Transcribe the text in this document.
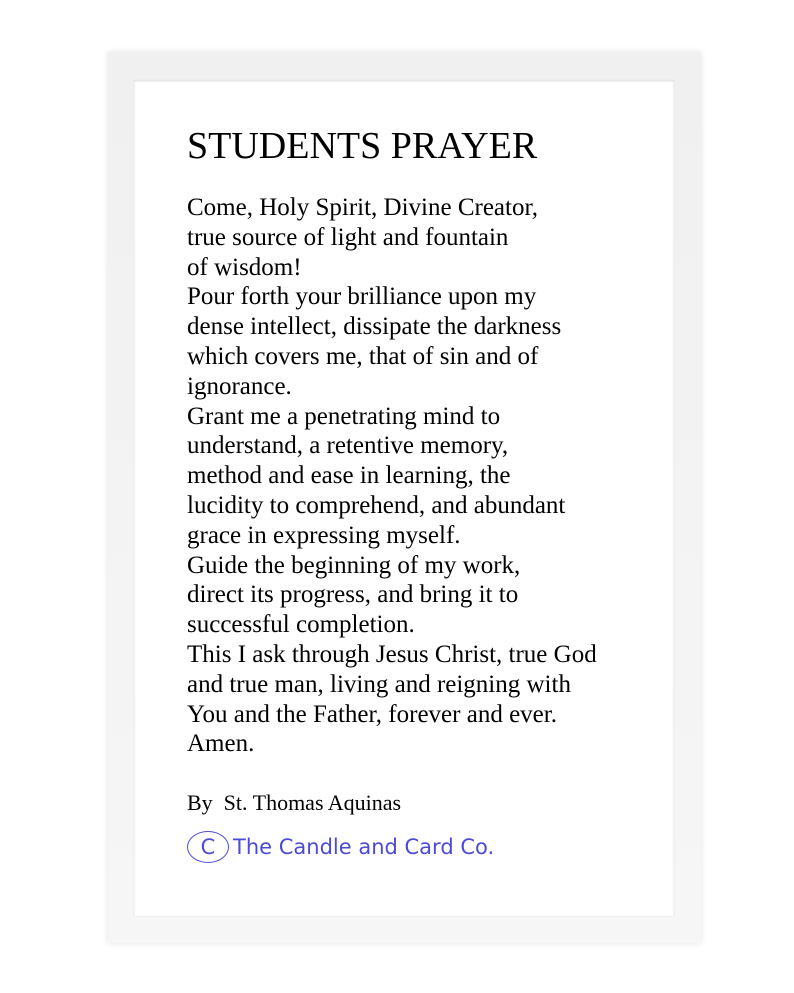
STUDENTS PRAYER
Come, Holy Spirit, Divine Creator,
true source of light and fountain
of wisdom!
Pour forth your brilliance upon my
dense intellect, dissipate the darkness
which covers me, that of sin and of
ignorance.
Grant me a penetrating mind to
understand, a retentive memory,
method and ease in learning, the
lucidity to comprehend, and abundant
grace in expressing myself.
Guide the beginning of my work,
direct its progress, and bring it to
successful completion.
This I ask through Jesus Christ, true God
and true man, living and reigning with
You and the Father, forever and ever.
Amen.
By  St. Thomas Aquinas
C The Candle and Card Co.
